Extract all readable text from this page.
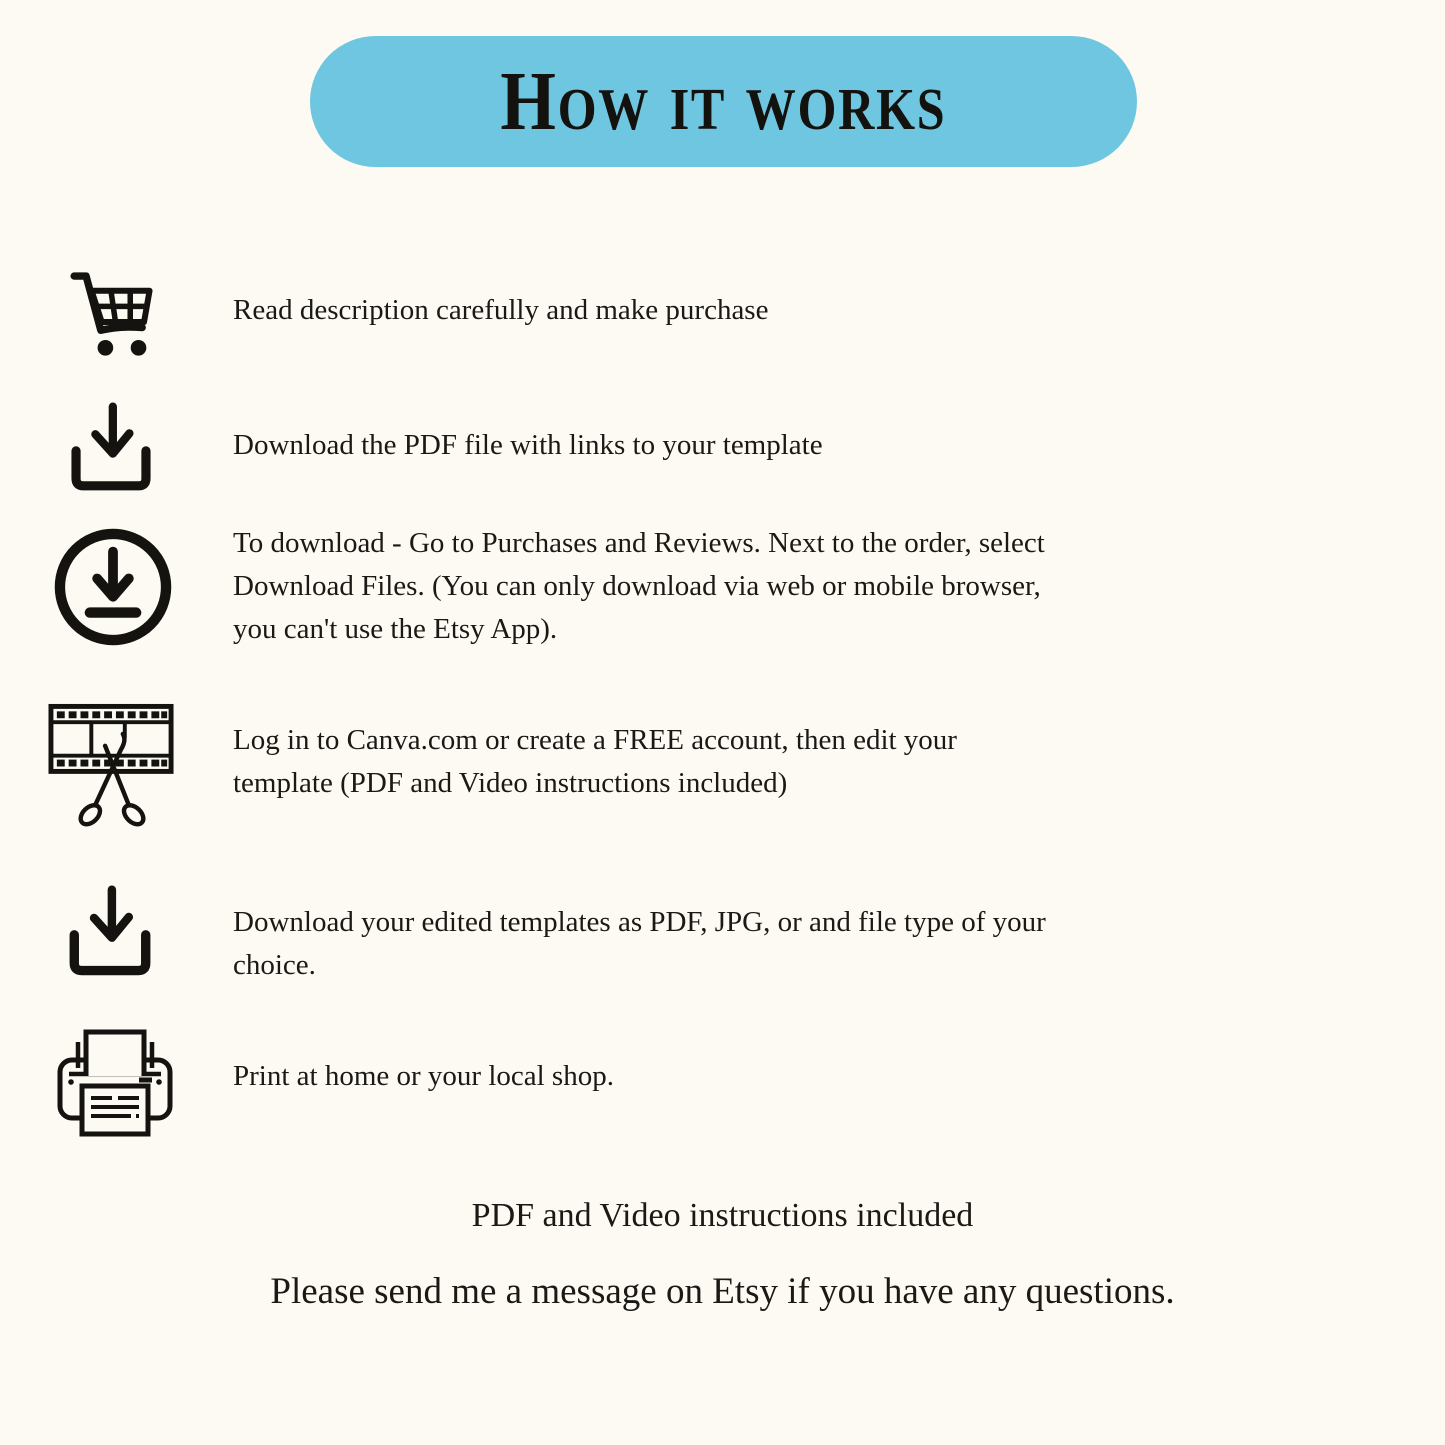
How it works
Read description carefully and make purchase
Download the PDF file with links to your template
To download - Go to Purchases and Reviews. Next to the order, select
Download Files. (You can only download via web or mobile browser,
you can't use the Etsy App).
Log in to Canva.com or create a FREE account, then edit your
template (PDF and Video instructions included)
Download your edited templates as PDF, JPG, or and file type of your
choice.
Print at home or your local shop.
PDF and Video instructions included
Please send me a message on Etsy if you have any questions.
